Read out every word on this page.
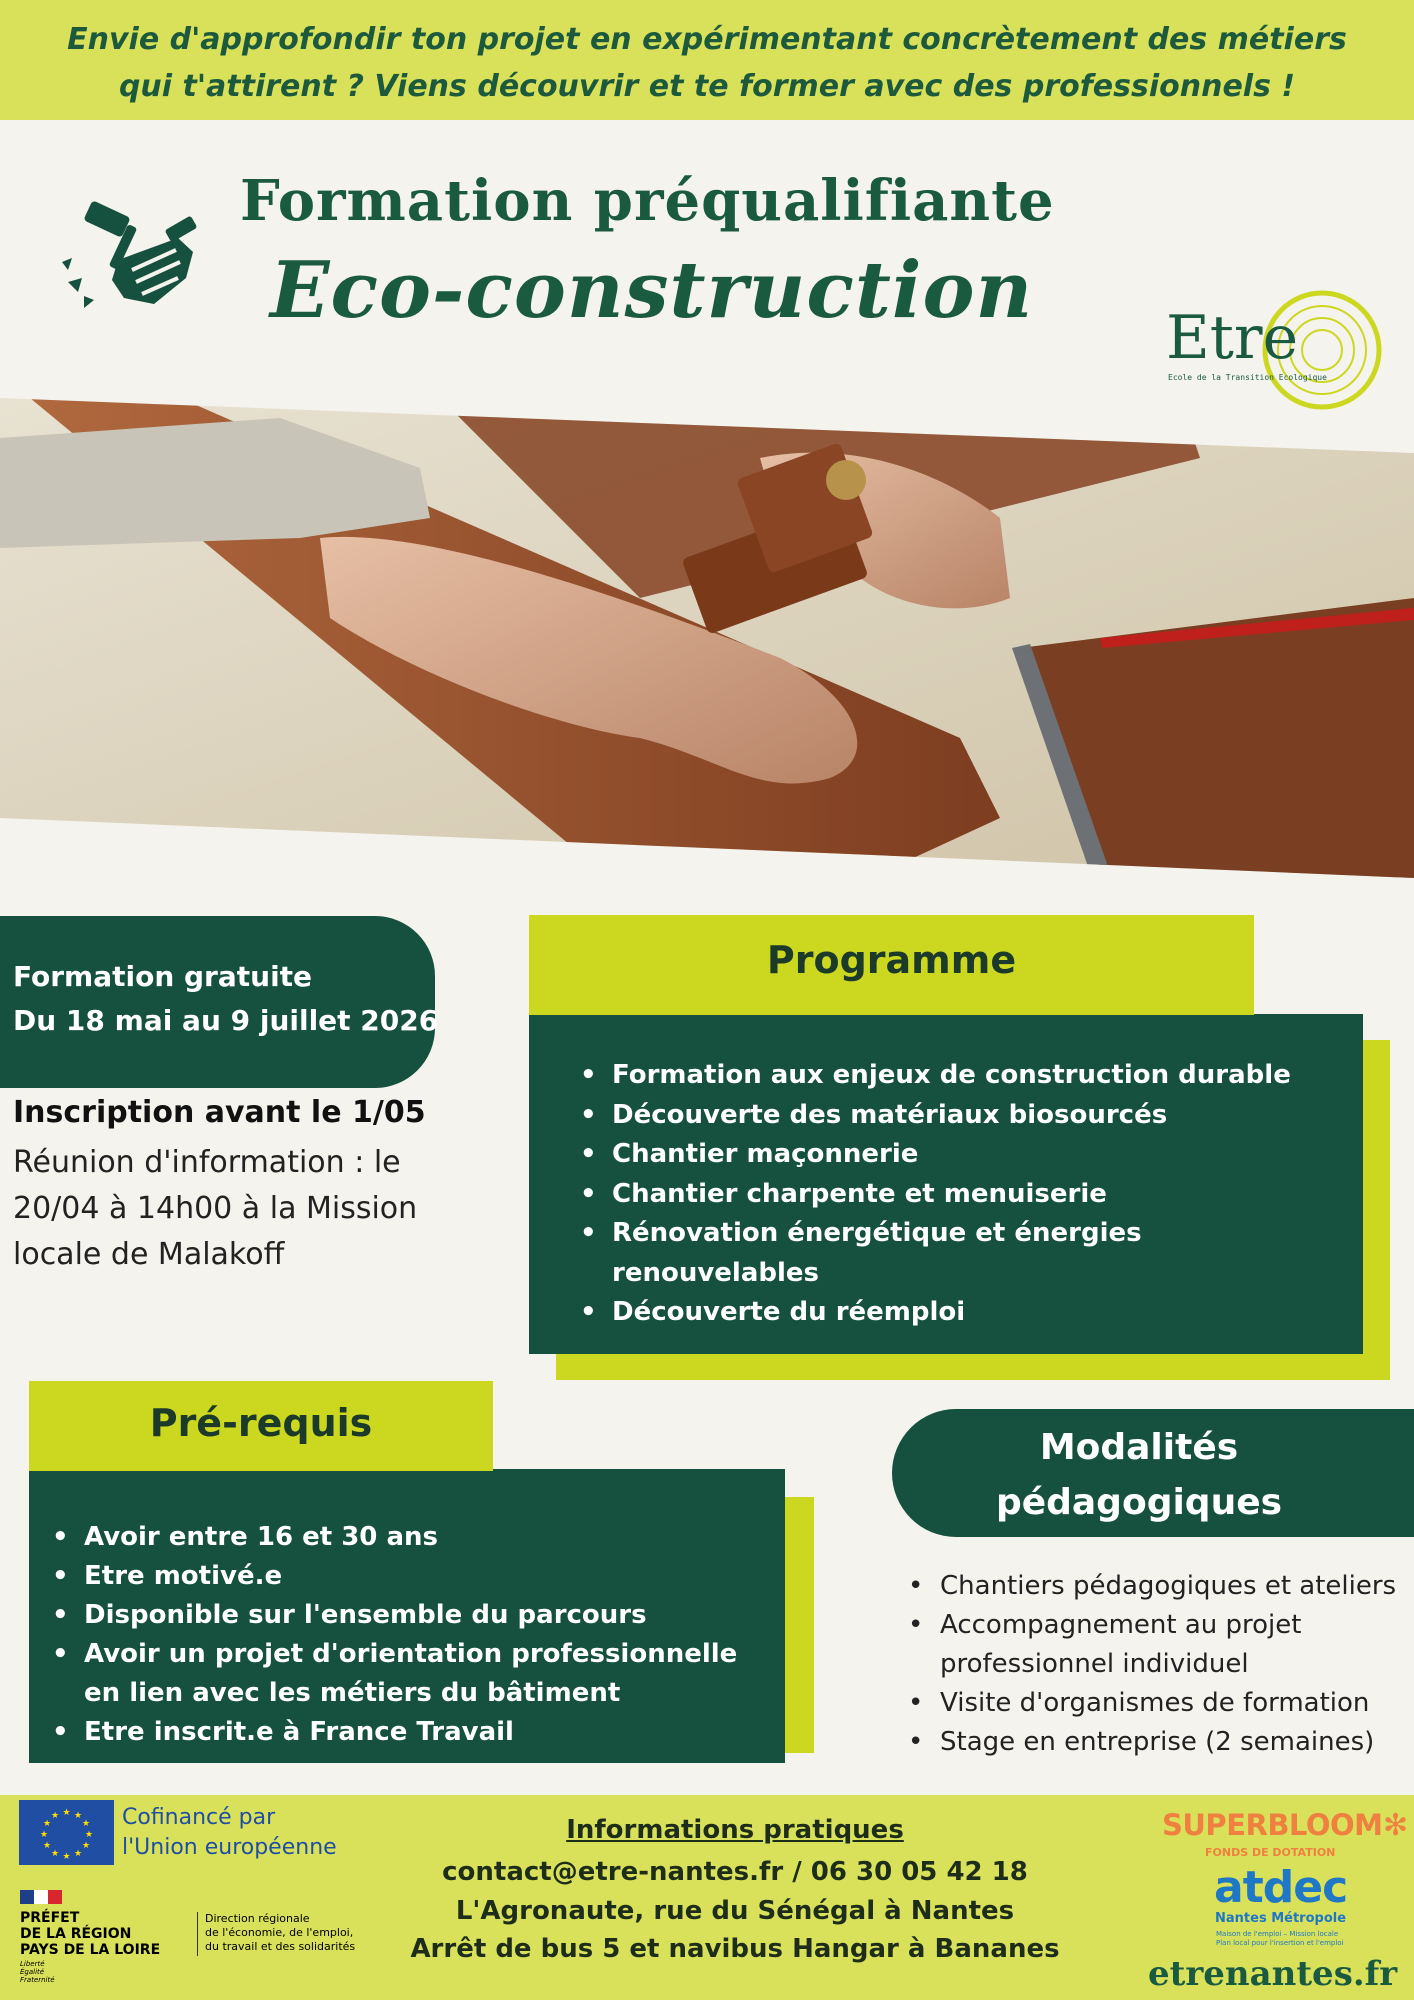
Envie d'approfondir ton projet en expérimentant concrètement des métiers qui t'attirent ? Viens découvrir et te former avec des professionnels !
Formation préqualifiante
Eco-construction
Etre
Ecole de la Transition Ecologique
Formation gratuite
Du 18 mai au 9 juillet 2026
Inscription avant le 1/05
Réunion d'information : le 20/04 à 14h00 à la Mission locale de Malakoff
Programme
• Formation aux enjeux de construction durable
• Découverte des matériaux biosourcés
• Chantier maçonnerie
• Chantier charpente et menuiserie
• Rénovation énergétique et énergies renouvelables
• Découverte du réemploi
Pré-requis
• Avoir entre 16 et 30 ans
• Etre motivé.e
• Disponible sur l'ensemble du parcours
• Avoir un projet d'orientation professionnelle en lien avec les métiers du bâtiment
• Etre inscrit.e à France Travail
Modalités pédagogiques
• Chantiers pédagogiques et ateliers
• Accompagnement au projet professionnel individuel
• Visite d'organismes de formation
• Stage en entreprise (2 semaines)
★ ★
★
★
★
★
★
★
★
★
★
★	Cofinancé par
l'Union européenne
PRÉFET
DE LA RÉGION
PAYS DE LA LOIRE
Liberté
Égalité
Fraternité
Direction régionale
de l'économie, de l'emploi,
du travail et des solidarités
Informations pratiques
contact@etre-nantes.fr / 06 30 05 42 18
L'Agronaute, rue du Sénégal à Nantes
Arrêt de bus 5 et navibus Hangar à Bananes
SUPERBLOOM ✻
FONDS DE DOTATION
atdec
Nantes Métropole
Maison de l'emploi – Mission locale
Plan local pour l'insertion et l'emploi
etrenantes.fr
